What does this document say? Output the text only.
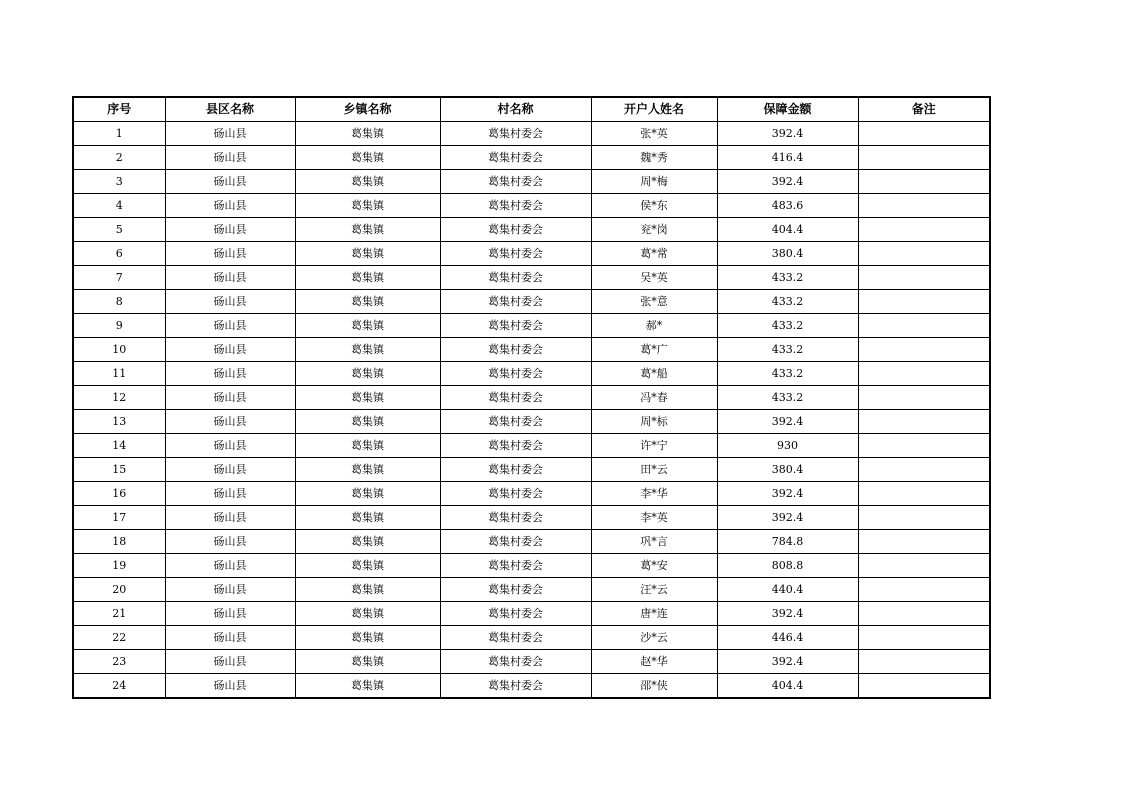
序号	县区名称	乡镇名称	村名称	开户人姓名	保障金额	备注
1	砀山县	葛集镇	葛集村委会	张*英	392.4	
2	砀山县	葛集镇	葛集村委会	魏*秀	416.4	
3	砀山县	葛集镇	葛集村委会	周*梅	392.4	
4	砀山县	葛集镇	葛集村委会	侯*东	483.6	
5	砀山县	葛集镇	葛集村委会	兖*岗	404.4	
6	砀山县	葛集镇	葛集村委会	葛*常	380.4	
7	砀山县	葛集镇	葛集村委会	吴*英	433.2	
8	砀山县	葛集镇	葛集村委会	张*意	433.2	
9	砀山县	葛集镇	葛集村委会	郝*	433.2	
10	砀山县	葛集镇	葛集村委会	葛*广	433.2	
11	砀山县	葛集镇	葛集村委会	葛*船	433.2	
12	砀山县	葛集镇	葛集村委会	冯*春	433.2	
13	砀山县	葛集镇	葛集村委会	周*标	392.4	
14	砀山县	葛集镇	葛集村委会	许*宁	930	
15	砀山县	葛集镇	葛集村委会	田*云	380.4	
16	砀山县	葛集镇	葛集村委会	李*华	392.4	
17	砀山县	葛集镇	葛集村委会	李*英	392.4	
18	砀山县	葛集镇	葛集村委会	巩*言	784.8	
19	砀山县	葛集镇	葛集村委会	葛*安	808.8	
20	砀山县	葛集镇	葛集村委会	汪*云	440.4	
21	砀山县	葛集镇	葛集村委会	唐*连	392.4	
22	砀山县	葛集镇	葛集村委会	沙*云	446.4	
23	砀山县	葛集镇	葛集村委会	赵*华	392.4	
24	砀山县	葛集镇	葛集村委会	邵*侠	404.4	
